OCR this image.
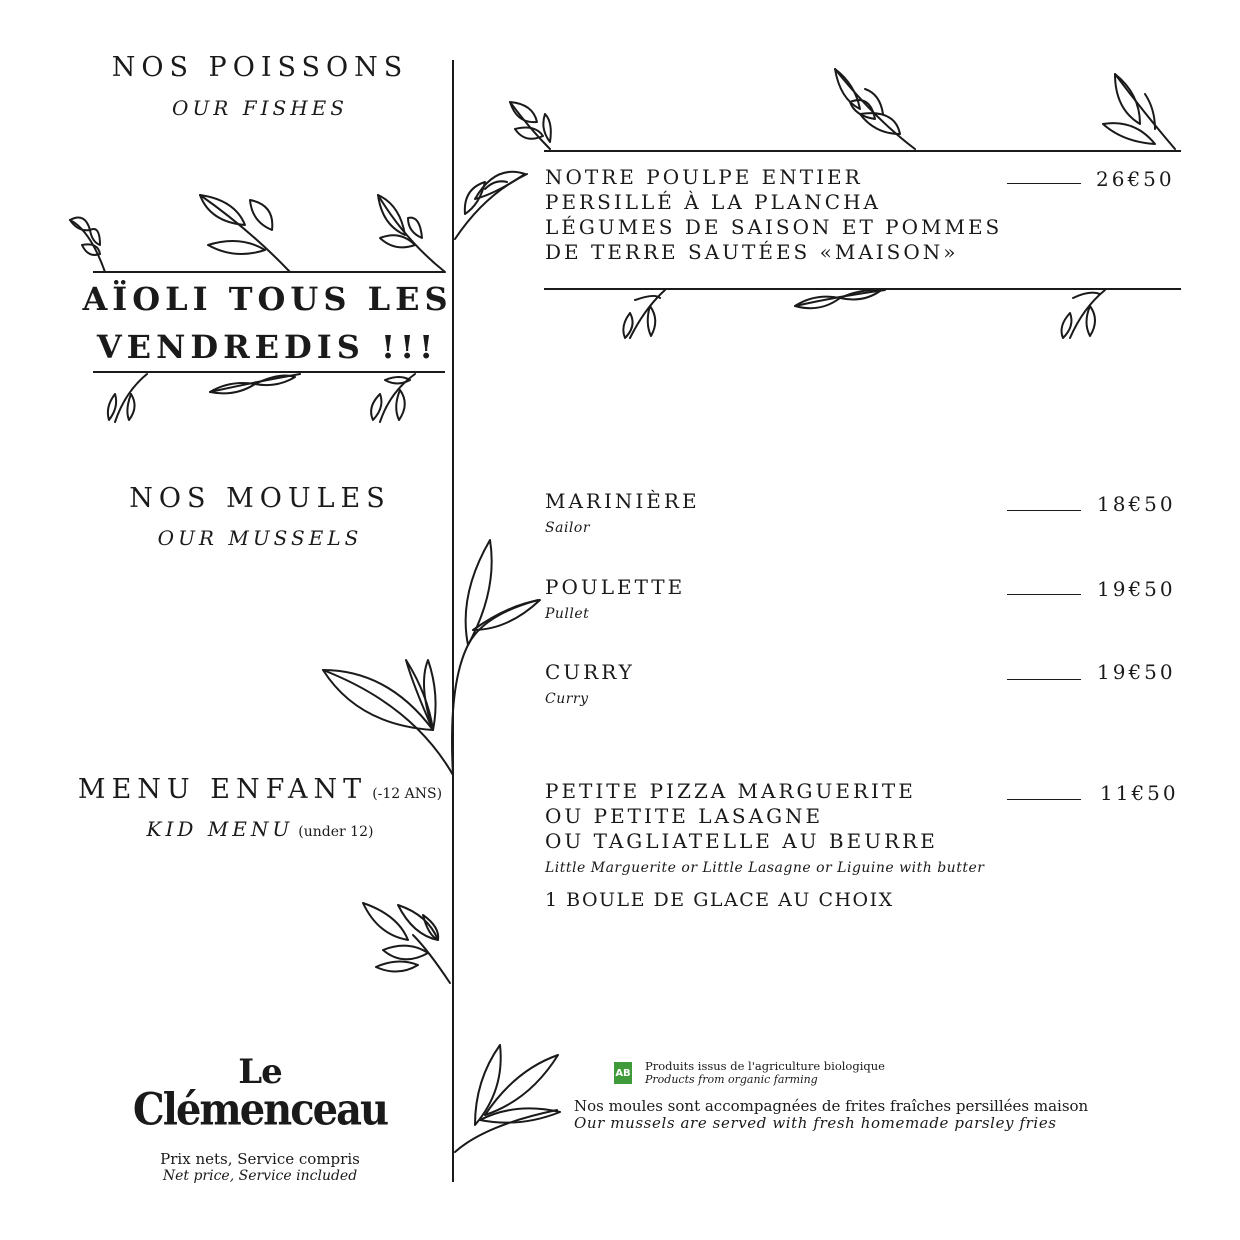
NOS POISSONS
OUR FISHES
AÏOLI TOUS LES
VENDREDIS !!!
NOS MOULES
OUR MUSSELS
MENU ENFANT (-12 ANS)
KID MENU (under 12)
Le
Clémenceau
Prix nets, Service compris
Net price, Service included
NOTRE POULPE ENTIER
PERSILLÉ À LA PLANCHA
LÉGUMES DE SAISON ET POMMES
DE TERRE SAUTÉES «MAISON»
26€50
MARINIÈRE
Sailor
18€50
POULETTE
Pullet
19€50
CURRY
Curry
19€50
PETITE PIZZA MARGUERITE
OU PETITE LASAGNE
OU TAGLIATELLE AU BEURRE
Little Marguerite or Little Lasagne or Liguine with butter
1 BOULE DE GLACE AU CHOIX
11€50
AB
Produits issus de l'agriculture biologique
Products from organic farming
Nos moules sont accompagnées de frites fraîches persillées maison
Our mussels are served with fresh homemade parsley fries
